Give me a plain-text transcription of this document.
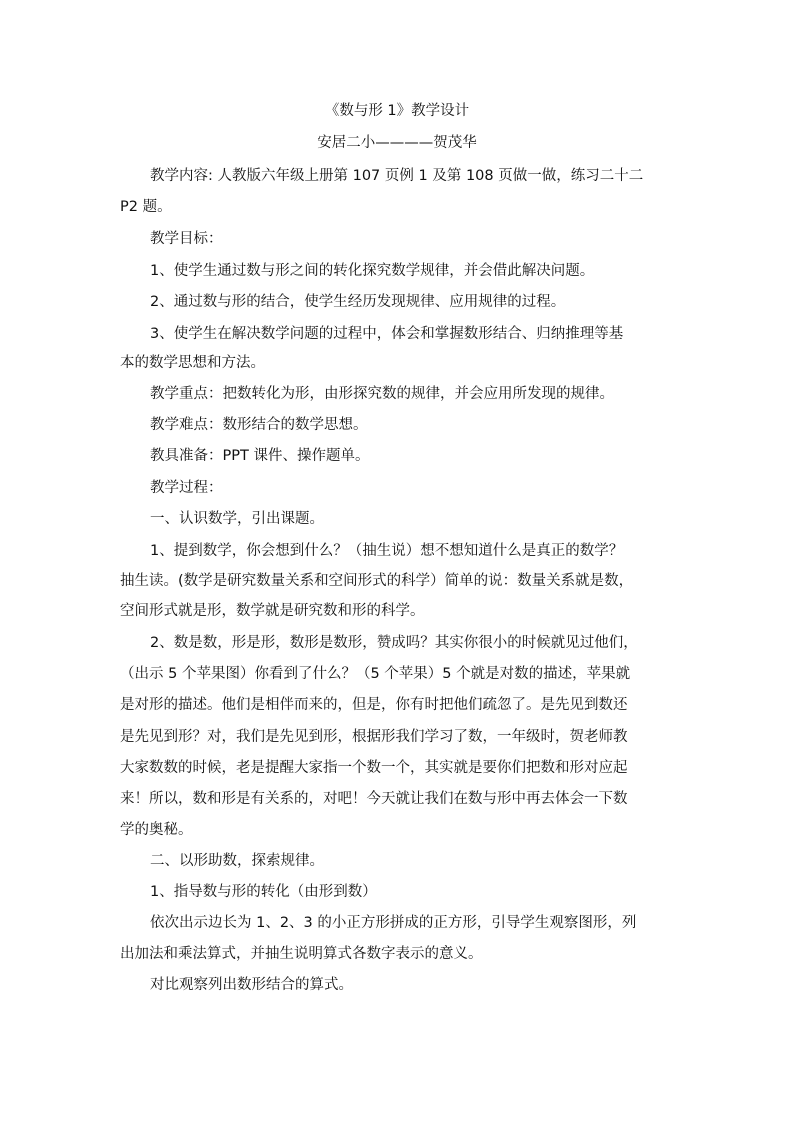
《数与形 1》教学设计
安居二小————贺茂华
教学内容: 人教版六年级上册第 107 页例 1 及第 108 页做一做，练习二十二
P2 题。
教学目标：
1、使学生通过数与形之间的转化探究数学规律，并会借此解决问题。
2、通过数与形的结合，使学生经历发现规律、应用规律的过程。
3、使学生在解决数学问题的过程中，体会和掌握数形结合、归纳推理等基
本的数学思想和方法。
教学重点：把数转化为形，由形探究数的规律，并会应用所发现的规律。
教学难点：数形结合的数学思想。
教具准备：PPT 课件、操作题单。
教学过程：
一、认识数学，引出课题。
1、提到数学，你会想到什么？（抽生说）想不想知道什么是真正的数学？
抽生读。(数学是研究数量关系和空间形式的科学）简单的说：数量关系就是数，
空间形式就是形，数学就是研究数和形的科学。
2、数是数，形是形，数形是数形，赞成吗？其实你很小的时候就见过他们，
（出示 5 个苹果图）你看到了什么？（5 个苹果）5 个就是对数的描述，苹果就
是对形的描述。他们是相伴而来的，但是，你有时把他们疏忽了。是先见到数还
是先见到形？对，我们是先见到形，根据形我们学习了数，一年级时，贺老师教
大家数数的时候，老是提醒大家指一个数一个，其实就是要你们把数和形对应起
来！所以，数和形是有关系的，对吧！今天就让我们在数与形中再去体会一下数
学的奥秘。
二、以形助数，探索规律。
1、指导数与形的转化（由形到数）
依次出示边长为 1、2、3 的小正方形拼成的正方形，引导学生观察图形，列
出加法和乘法算式，并抽生说明算式各数字表示的意义。
对比观察列出数形结合的算式。
